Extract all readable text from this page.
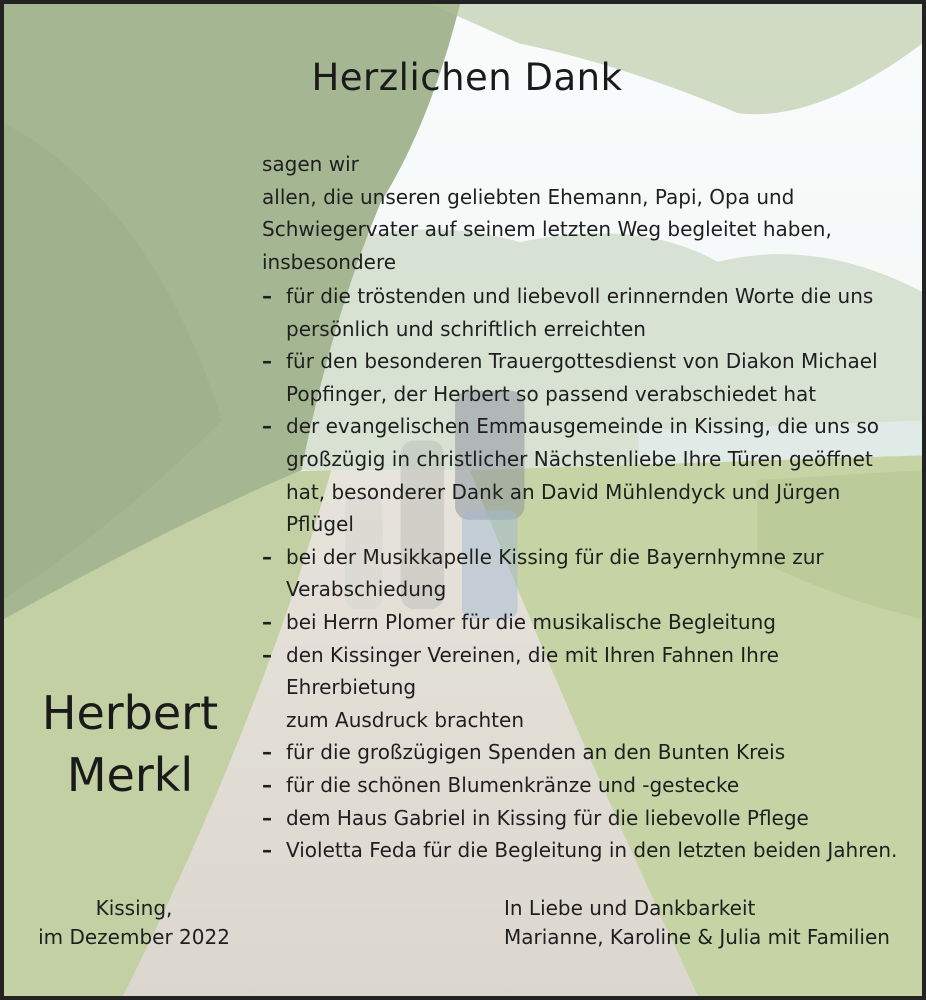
Herzlichen Dank
sagen wir
allen, die unseren geliebten Ehemann, Papi, Opa und
Schwiegervater auf seinem letzten Weg begleitet haben,
insbesondere
– für die tröstenden und liebevoll erinnernden Worte die uns
persönlich und schriftlich erreichten
– für den besonderen Trauergottesdienst von Diakon Michael
Popfinger, der Herbert so passend verabschiedet hat
– der evangelischen Emmausgemeinde in Kissing, die uns so
großzügig in christlicher Nächstenliebe Ihre Türen geöffnet
hat, besonderer Dank an David Mühlendyck und Jürgen Pflügel
– bei der Musikkapelle Kissing für die Bayernhymne zur
Verabschiedung
– bei Herrn Plomer für die musikalische Begleitung
– den Kissinger Vereinen, die mit Ihren Fahnen Ihre Ehrerbietung
zum Ausdruck brachten
– für die großzügigen Spenden an den Bunten Kreis
– für die schönen Blumenkränze und -gestecke
– dem Haus Gabriel in Kissing für die liebevolle Pflege
– Violetta Feda für die Begleitung in den letzten beiden Jahren.
Herbert
Merkl
Kissing,
im Dezember 2022
In Liebe und Dankbarkeit
Marianne, Karoline & Julia mit Familien
